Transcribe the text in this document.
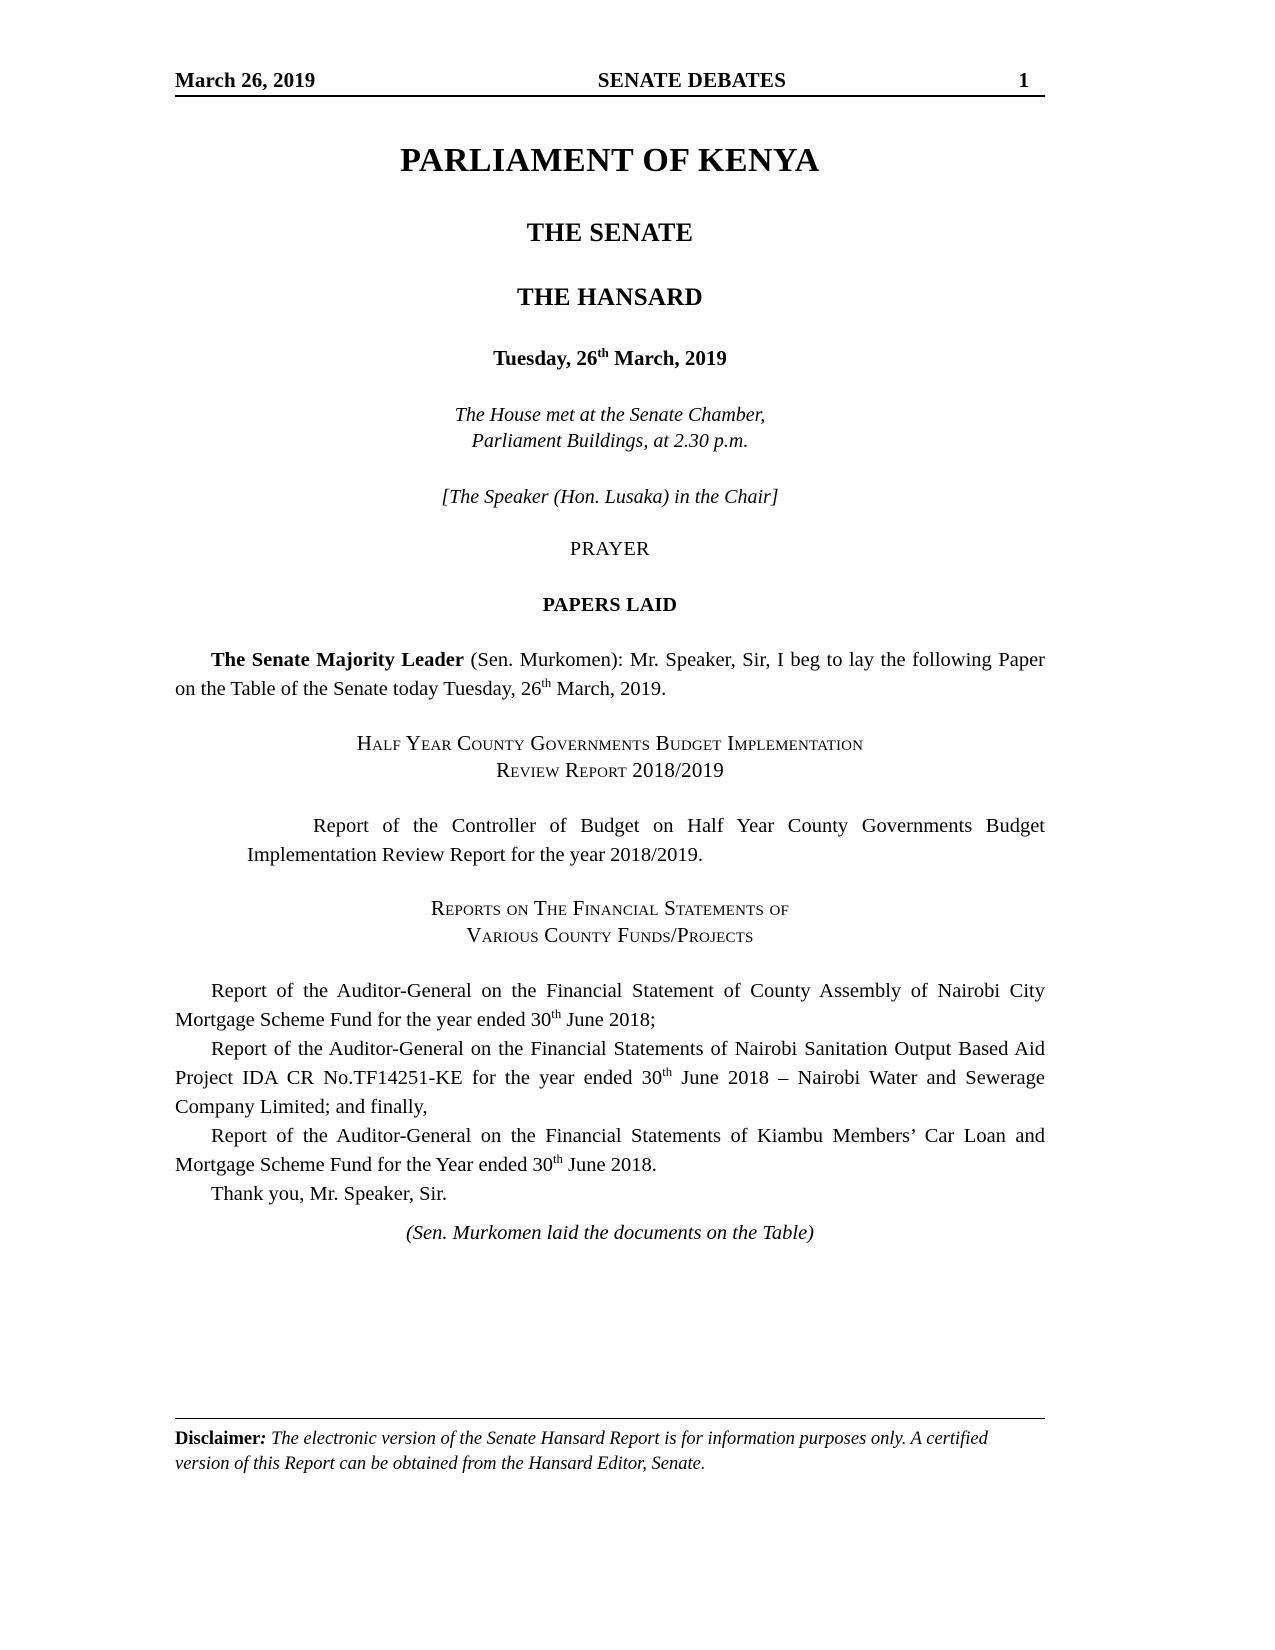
March 26, 2019	SENATE DEBATES	1
PARLIAMENT OF KENYA
THE SENATE
THE HANSARD
Tuesday, 26th March, 2019
The House met at the Senate Chamber,
Parliament Buildings, at 2.30 p.m.
[The Speaker (Hon. Lusaka) in the Chair]
PRAYER
PAPERS LAID
The Senate Majority Leader (Sen. Murkomen): Mr. Speaker, Sir, I beg to lay the following Paper on the Table of the Senate today Tuesday, 26th March, 2019.
Half Year County Governments Budget Implementation
Review Report 2018/2019
Report of the Controller of Budget on Half Year County Governments Budget Implementation Review Report for the year 2018/2019.
Reports on The Financial Statements of
Various County Funds/Projects
Report of the Auditor-General on the Financial Statement of County Assembly of Nairobi City Mortgage Scheme Fund for the year ended 30th June 2018;
Report of the Auditor-General on the Financial Statements of Nairobi Sanitation Output Based Aid Project IDA CR No.TF14251-KE for the year ended 30th June 2018 – Nairobi Water and Sewerage Company Limited; and finally,
Report of the Auditor-General on the Financial Statements of Kiambu Members’ Car Loan and Mortgage Scheme Fund for the Year ended 30th June 2018.
Thank you, Mr. Speaker, Sir.
(Sen. Murkomen laid the documents on the Table)
Disclaimer: The electronic version of the Senate Hansard Report is for information purposes only. A certified version of this Report can be obtained from the Hansard Editor, Senate.
